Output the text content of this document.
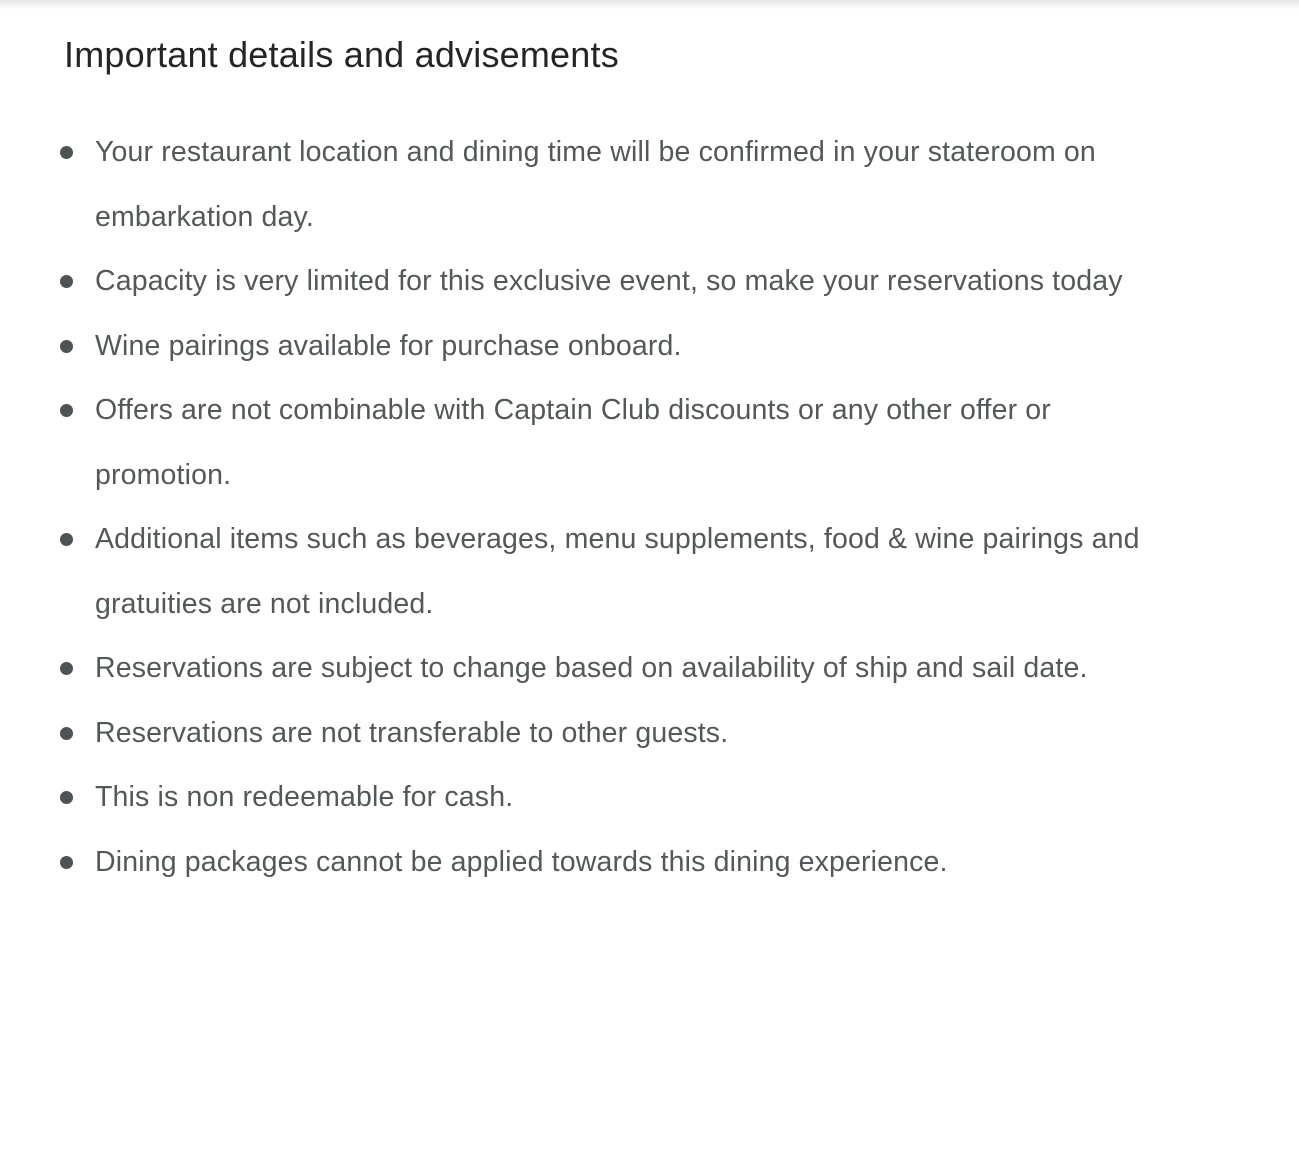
Important details and advisements
Your restaurant location and dining time will be confirmed in your stateroom on embarkation day.
Capacity is very limited for this exclusive event, so make your reservations today
Wine pairings available for purchase onboard.
Offers are not combinable with Captain Club discounts or any other offer or promotion.
Additional items such as beverages, menu supplements, food & wine pairings and gratuities are not included.
Reservations are subject to change based on availability of ship and sail date.
Reservations are not transferable to other guests.
This is non redeemable for cash.
Dining packages cannot be applied towards this dining experience.
